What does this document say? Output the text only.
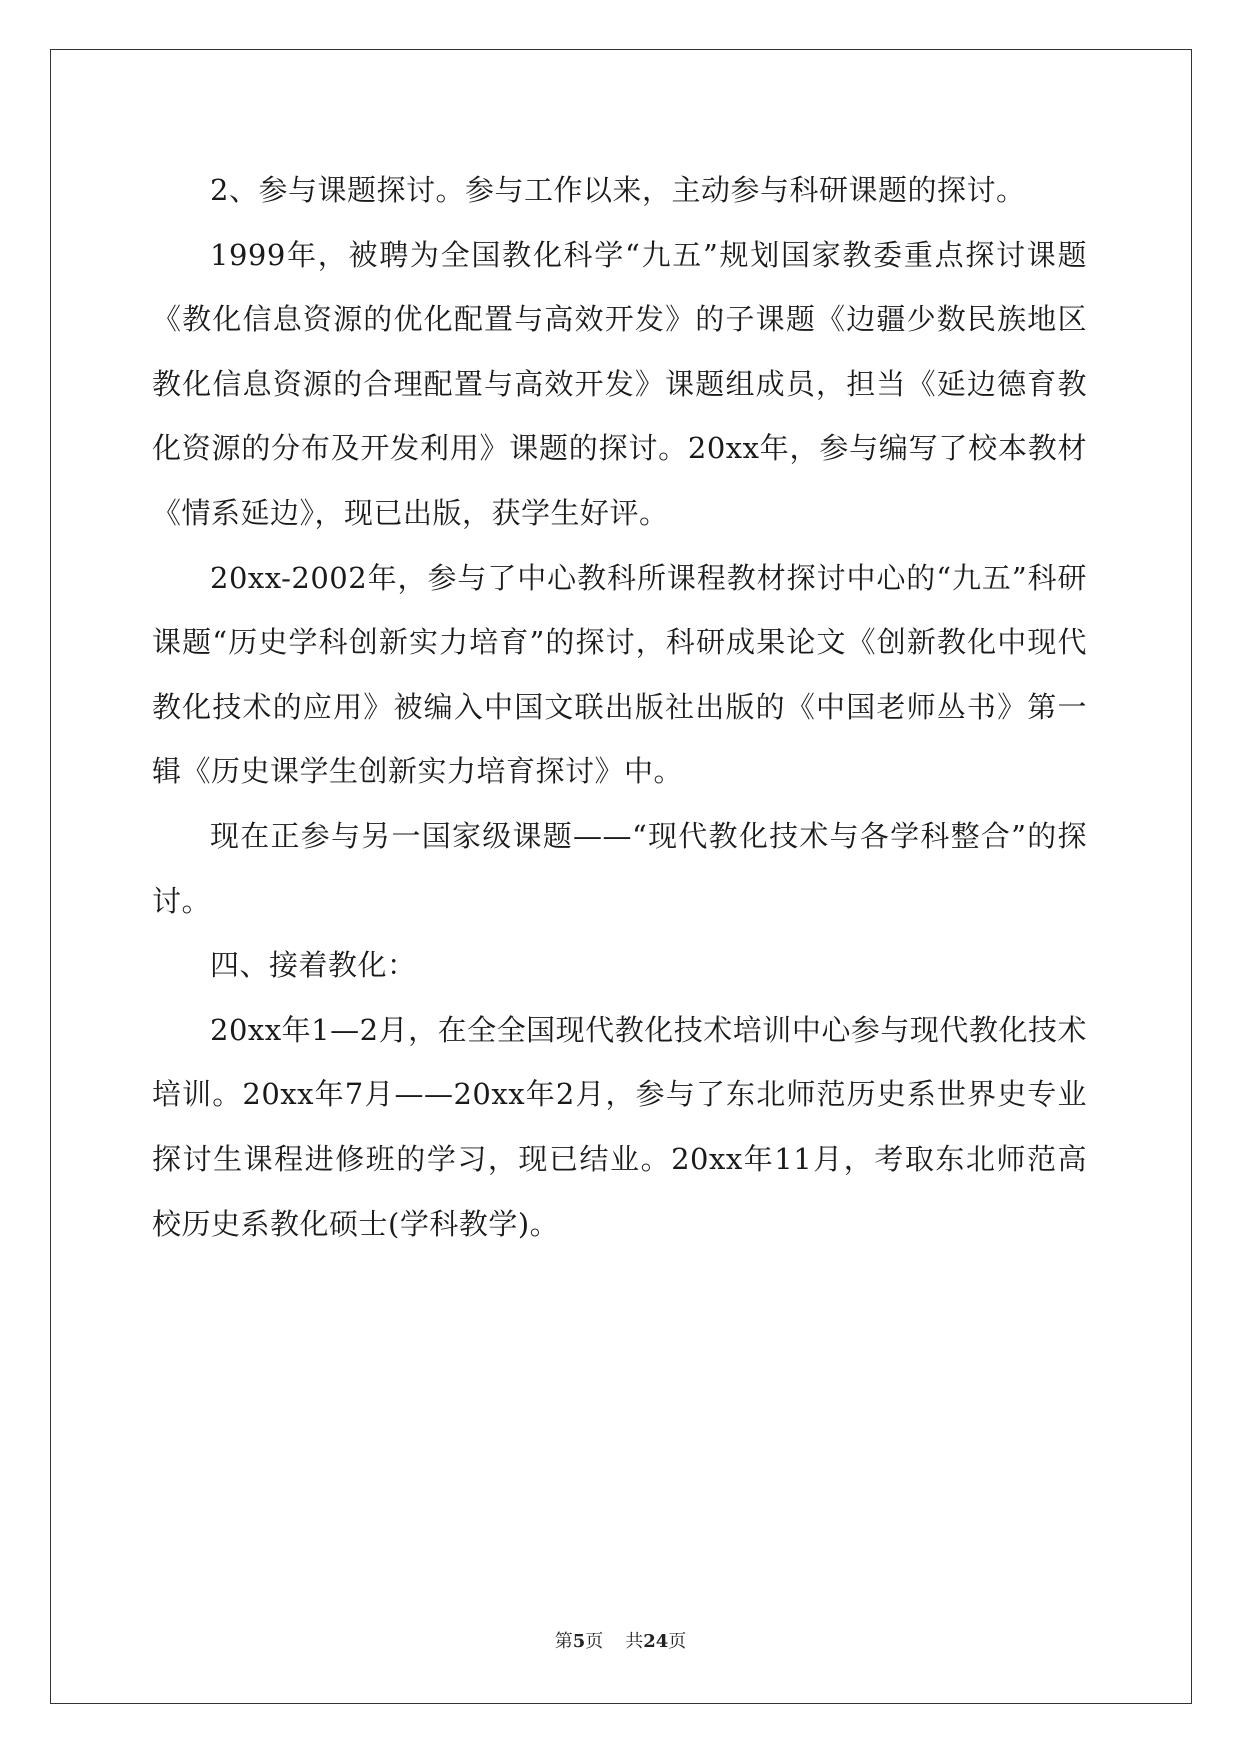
2、参与课题探讨。参与工作以来，主动参与科研课题的探讨。

1999年，被聘为全国教化科学“九五”规划国家教委重点探讨课题《教化信息资源的优化配置与高效开发》的子课题《边疆少数民族地区教化信息资源的合理配置与高效开发》课题组成员，担当《延边德育教化资源的分布及开发利用》课题的探讨。20xx年，参与编写了校本教材《情系延边》，现已出版，获学生好评。

20xx-2002年，参与了中心教科所课程教材探讨中心的“九五”科研课题“历史学科创新实力培育”的探讨，科研成果论文《创新教化中现代教化技术的应用》被编入中国文联出版社出版的《中国老师丛书》第一辑《历史课学生创新实力培育探讨》中。

现在正参与另一国家级课题——“现代教化技术与各学科整合”的探讨。

四、接着教化：

20xx年1—2月，在全全国现代教化技术培训中心参与现代教化技术培训。20xx年7月——20xx年2月，参与了东北师范历史系世界史专业探讨生课程进修班的学习，现已结业。20xx年11月，考取东北师范高校历史系教化硕士(学科教学)。

第5页 共24页
